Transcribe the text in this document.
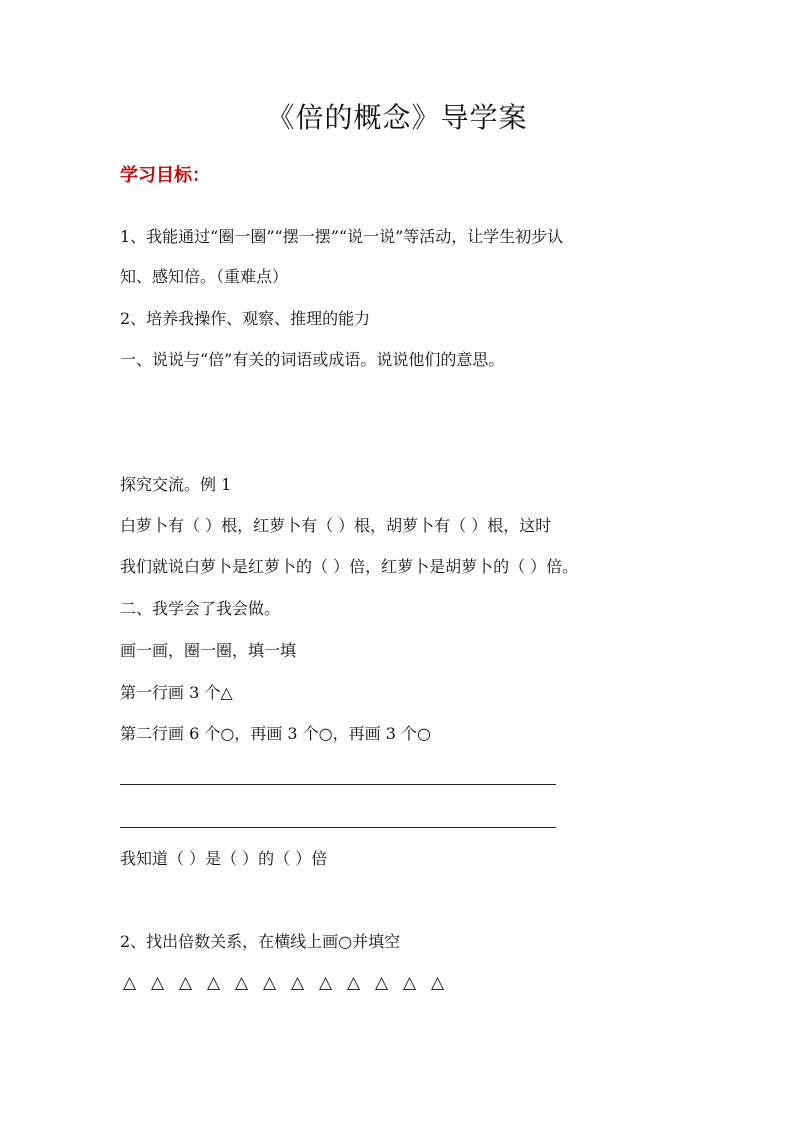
《倍的概念》导学案
学习目标：
1、我能通过“圈一圈”“摆一摆”“说一说”等活动，让学生初步认
知、感知倍。（重难点）
2、培养我操作、观察、推理的能力
一、说说与“倍”有关的词语或成语。说说他们的意思。
探究交流。例 1
白萝卜有（ ）根，红萝卜有（ ）根，胡萝卜有（ ）根，这时
我们就说白萝卜是红萝卜的（ ）倍，红萝卜是胡萝卜的（ ）倍。
二、我学会了我会做。
画一画，圈一圈，填一填
第一行画 3 个△
第二行画 6 个○，再画 3 个○，再画 3 个○
我知道（ ）是（ ）的（ ）倍
2、找出倍数关系，在横线上画○并填空
△ △ △ △ △ △ △ △ △ △ △ △
